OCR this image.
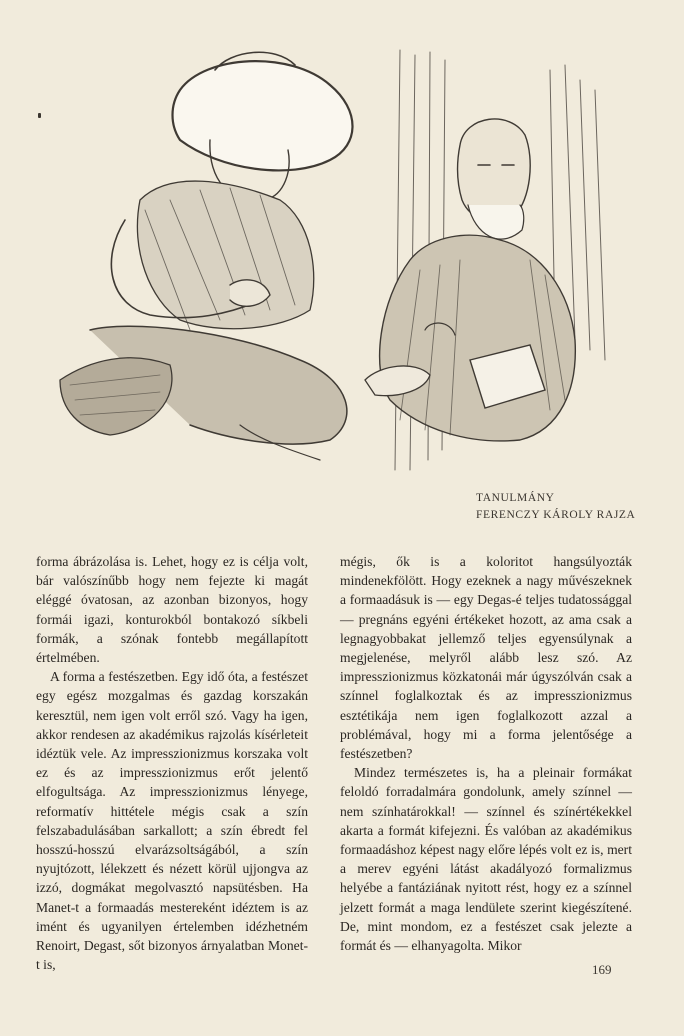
TANULMÁNY
FERENCZY KÁROLY RAJZA

forma ábrázolása is. Lehet, hogy ez is célja volt, bár valószínűbb hogy nem fejezte ki magát eléggé óvatosan, az azonban bizonyos, hogy formái igazi, konturokból bontakozó síkbeli formák, a szónak fontebb megállapított értelmében.

A forma a festészetben. Egy idő óta, a festészet egy egész mozgalmas és gazdag korszakán keresztül, nem igen volt erről szó. Vagy ha igen, akkor rendesen az akadémikus rajzolás kísérleteit idéztük vele. Az impresszionizmus korszaka volt ez és az impresszionizmus erőt jelentő elfogultsága. Az impresszionizmus lényege, reformatív hittétele mégis csak a szín felszabadulásában sarkallott; a szín ébredt fel hosszú-hosszú elvarázsoltságából, a szín nyujtózott, lélekzett és nézett körül ujjongva az izzó, dogmákat megolvasztó napsütésben. Ha Manet-t a formaadás mestereként idéztem is az imént és ugyanilyen értelemben idézhetném Renoirt, Degast, sőt bizonyos árnyalatban Monet-t is,

mégis, ők is a koloritot hangsúlyozták mindenekfölött. Hogy ezeknek a nagy művészeknek a formaadásuk is — egy Degas-é teljes tudatossággal — pregnáns egyéni értékeket hozott, az ama csak a legnagyobbakat jellemző teljes egyensúlynak a megjelenése, melyről alább lesz szó. Az impresszionizmus közkatonái már úgyszólván csak a színnel foglalkoztak és az impresszionizmus esztétikája nem igen foglalkozott azzal a problémával, hogy mi a forma jelentősége a festészetben?

Mindez természetes is, ha a pleinair formákat feloldó forradalmára gondolunk, amely színnel — nem színhatárokkal! — színnel és színértékekkel akarta a formát kifejezni. És valóban az akadémikus formaadáshoz képest nagy előre lépés volt ez is, mert a merev egyéni látást akadályozó formalizmus helyébe a fantáziának nyitott rést, hogy ez a színnel jelzett formát a maga lendülete szerint kiegészítené. De, mint mondom, ez a festészet csak jelezte a formát és — elhanyagolta. Mikor

169
